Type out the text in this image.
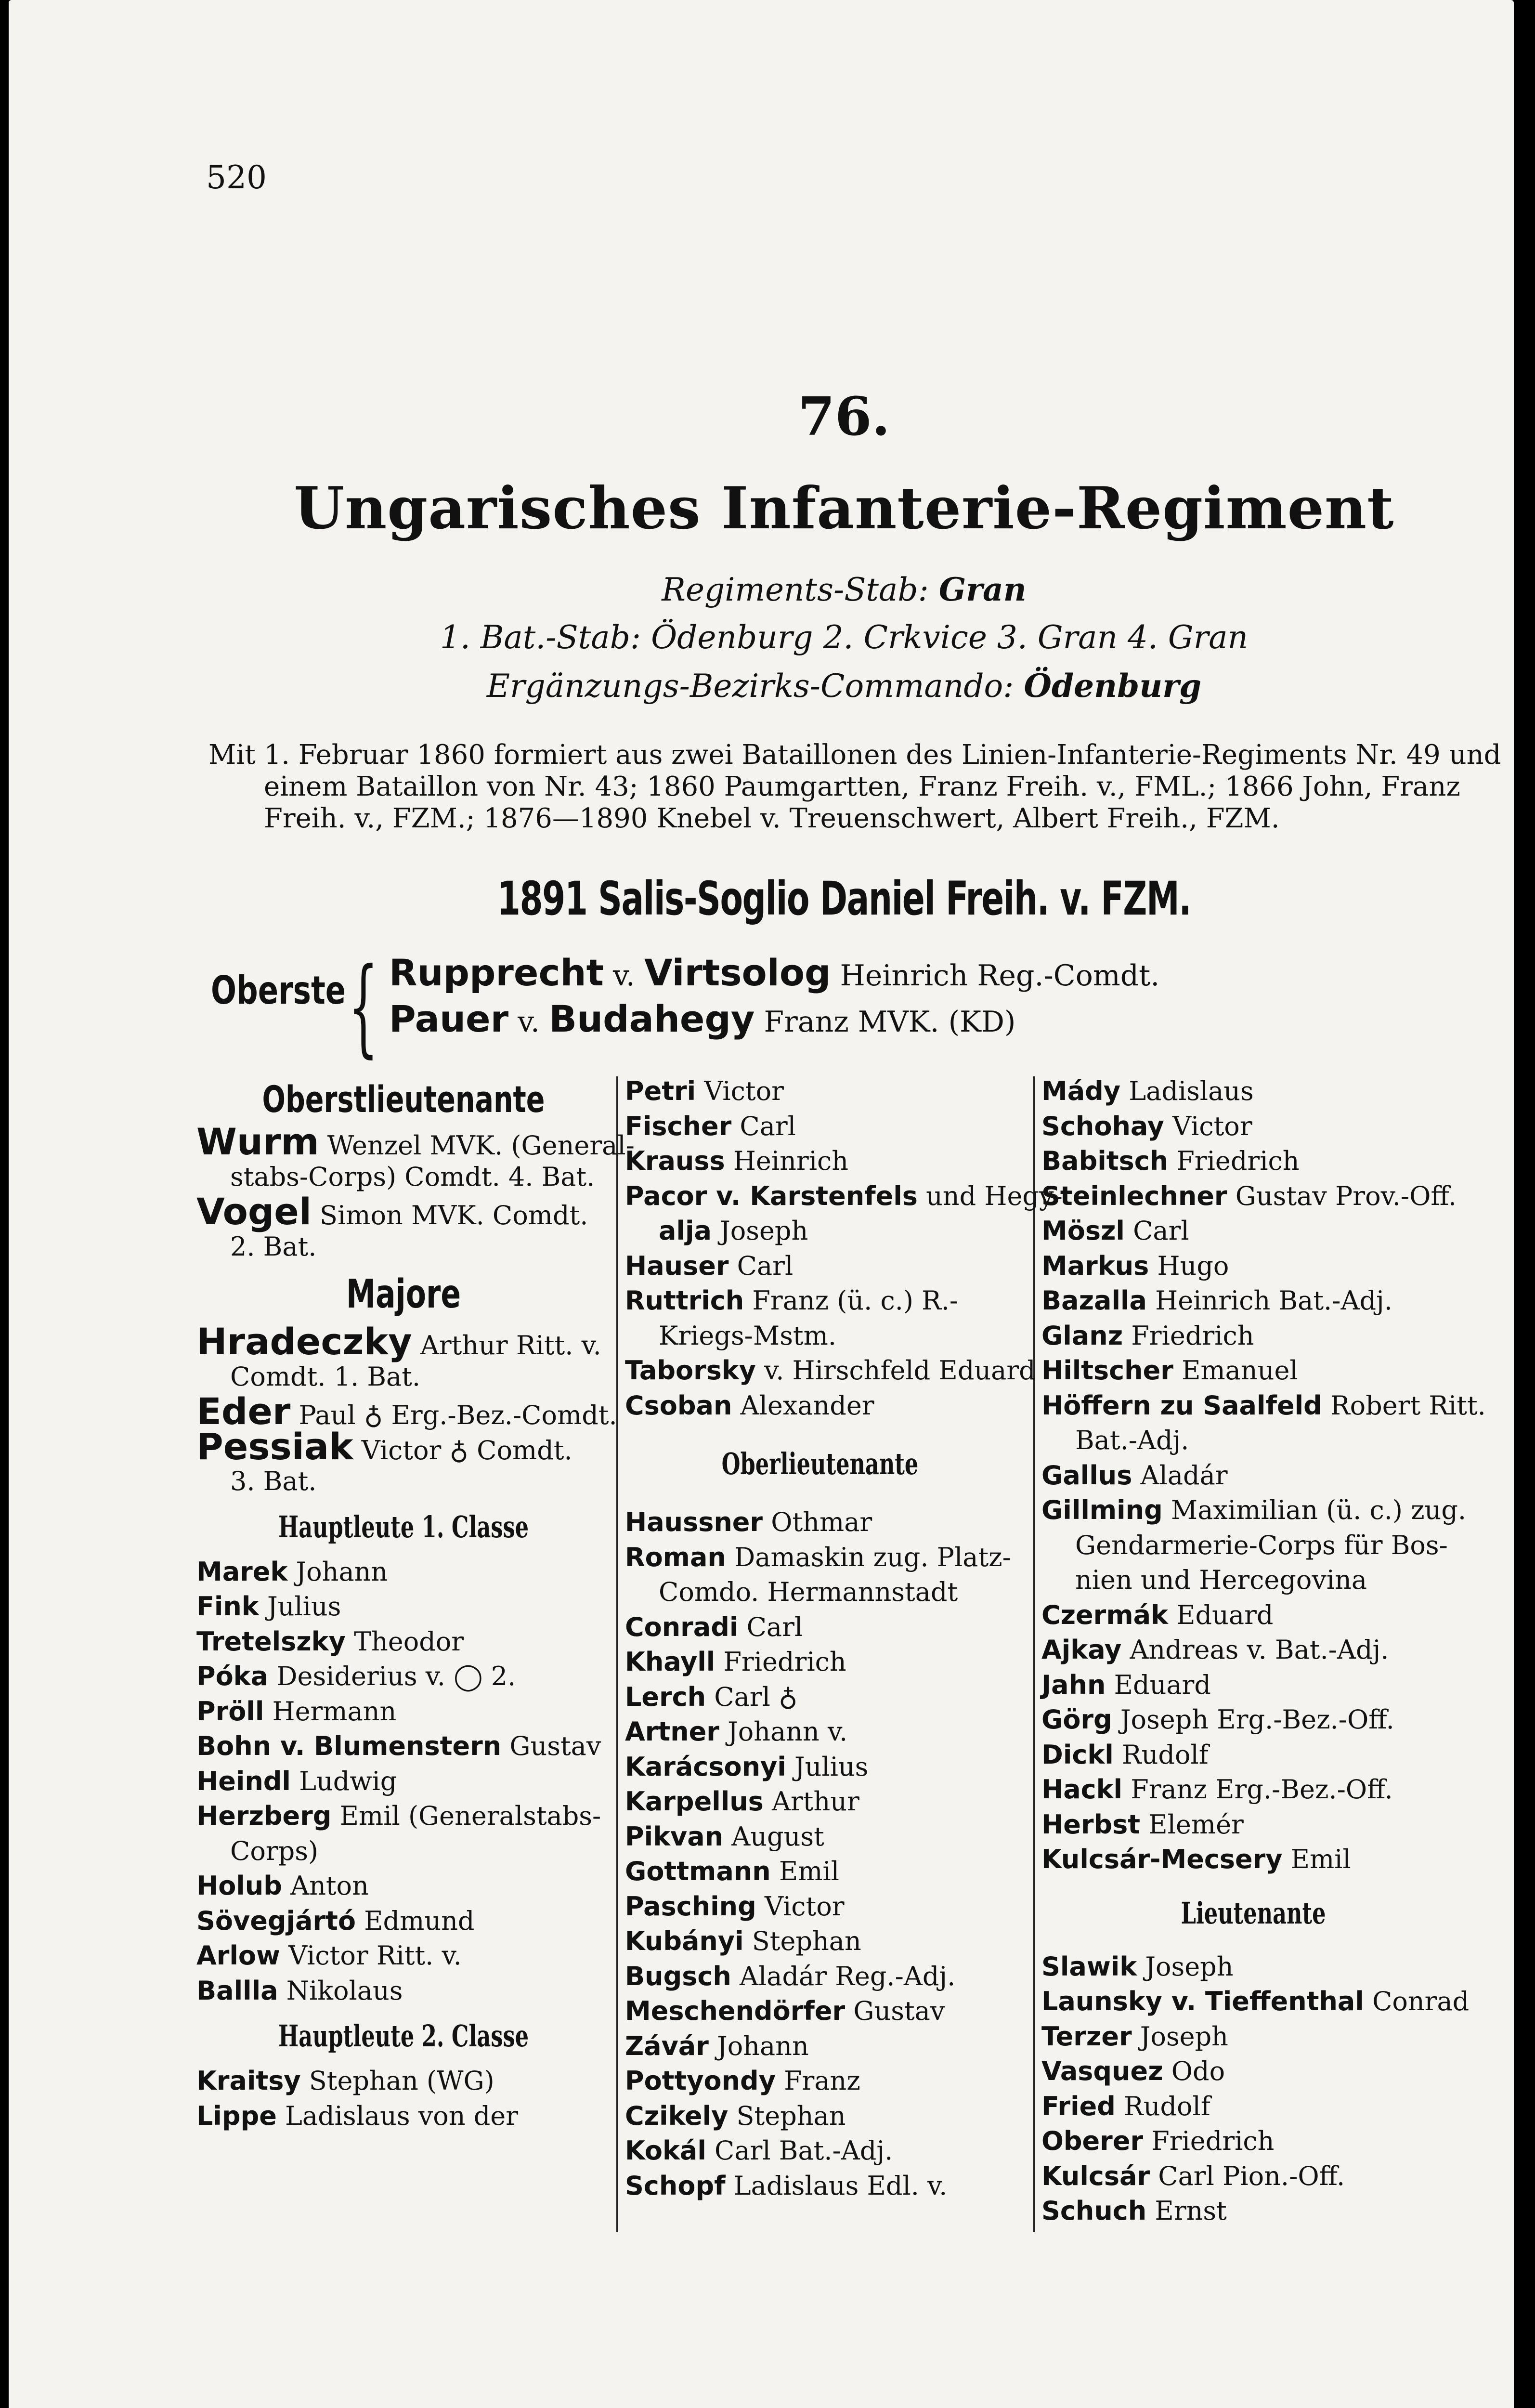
520
76.
Ungarisches Infanterie-Regiment
Regiments-Stab: Gran
1. Bat.-Stab: Ödenburg 2. Crkvice 3. Gran 4. Gran
Ergänzungs-Bezirks-Commando: Ödenburg
Mit 1. Februar 1860 formiert aus zwei Bataillonen des Linien-Infanterie-Regiments Nr. 49 und
einem Bataillon von Nr. 43; 1860 Paumgartten, Franz Freih. v., FML.; 1866 John, Franz
Freih. v., FZM.; 1876—1890 Knebel v. Treuenschwert, Albert Freih., FZM.
1891 Salis-Soglio Daniel Freih. v. FZM.
Oberste { Rupprecht v. Virtsolog Heinrich Reg.-Comdt.
Pauer v. Budahegy Franz MVK. (KD)
Oberstlieutenante
Wurm Wenzel MVK. (General-
stabs-Corps) Comdt. 4. Bat.
Vogel Simon MVK. Comdt.
2. Bat.
Majore
Hradeczky Arthur Ritt. v.
Comdt. 1. Bat.
Eder Paul ♁ Erg.-Bez.-Comdt.
Pessiak Victor ♁ Comdt.
3. Bat.
Hauptleute 1. Classe
Marek Johann
Fink Julius
Tretelszky Theodor
Póka Desiderius v. ◯ 2.
Pröll Hermann
Bohn v. Blumenstern Gustav
Heindl Ludwig
Herzberg Emil (Generalstabs-
Corps)
Holub Anton
Sövegjártó Edmund
Arlow Victor Ritt. v.
Ballla Nikolaus
Hauptleute 2. Classe
Kraitsy Stephan (WG)
Lippe Ladislaus von der
Petri Victor
Fischer Carl
Krauss Heinrich
Pacor v. Karstenfels und Hegy-
alja Joseph
Hauser Carl
Ruttrich Franz (ü. c.) R.-
Kriegs-Mstm.
Taborsky v. Hirschfeld Eduard
Csoban Alexander
Oberlieutenante
Haussner Othmar
Roman Damaskin zug. Platz-
Comdo. Hermannstadt
Conradi Carl
Khayll Friedrich
Lerch Carl ♁
Artner Johann v.
Karácsonyi Julius
Karpellus Arthur
Pikvan August
Gottmann Emil
Pasching Victor
Kubányi Stephan
Bugsch Aladár Reg.-Adj.
Meschendörfer Gustav
Závár Johann
Pottyondy Franz
Czikely Stephan
Kokál Carl Bat.-Adj.
Schopf Ladislaus Edl. v.
Mády Ladislaus
Schohay Victor
Babitsch Friedrich
Steinlechner Gustav Prov.-Off.
Möszl Carl
Markus Hugo
Bazalla Heinrich Bat.-Adj.
Glanz Friedrich
Hiltscher Emanuel
Höffern zu Saalfeld Robert Ritt.
Bat.-Adj.
Gallus Aladár
Gillming Maximilian (ü. c.) zug.
Gendarmerie-Corps für Bos-
nien und Hercegovina
Czermák Eduard
Ajkay Andreas v. Bat.-Adj.
Jahn Eduard
Görg Joseph Erg.-Bez.-Off.
Dickl Rudolf
Hackl Franz Erg.-Bez.-Off.
Herbst Elemér
Kulcsár-Mecsery Emil
Lieutenante
Slawik Joseph
Launsky v. Tieffenthal Conrad
Terzer Joseph
Vasquez Odo
Fried Rudolf
Oberer Friedrich
Kulcsár Carl Pion.-Off.
Schuch Ernst
